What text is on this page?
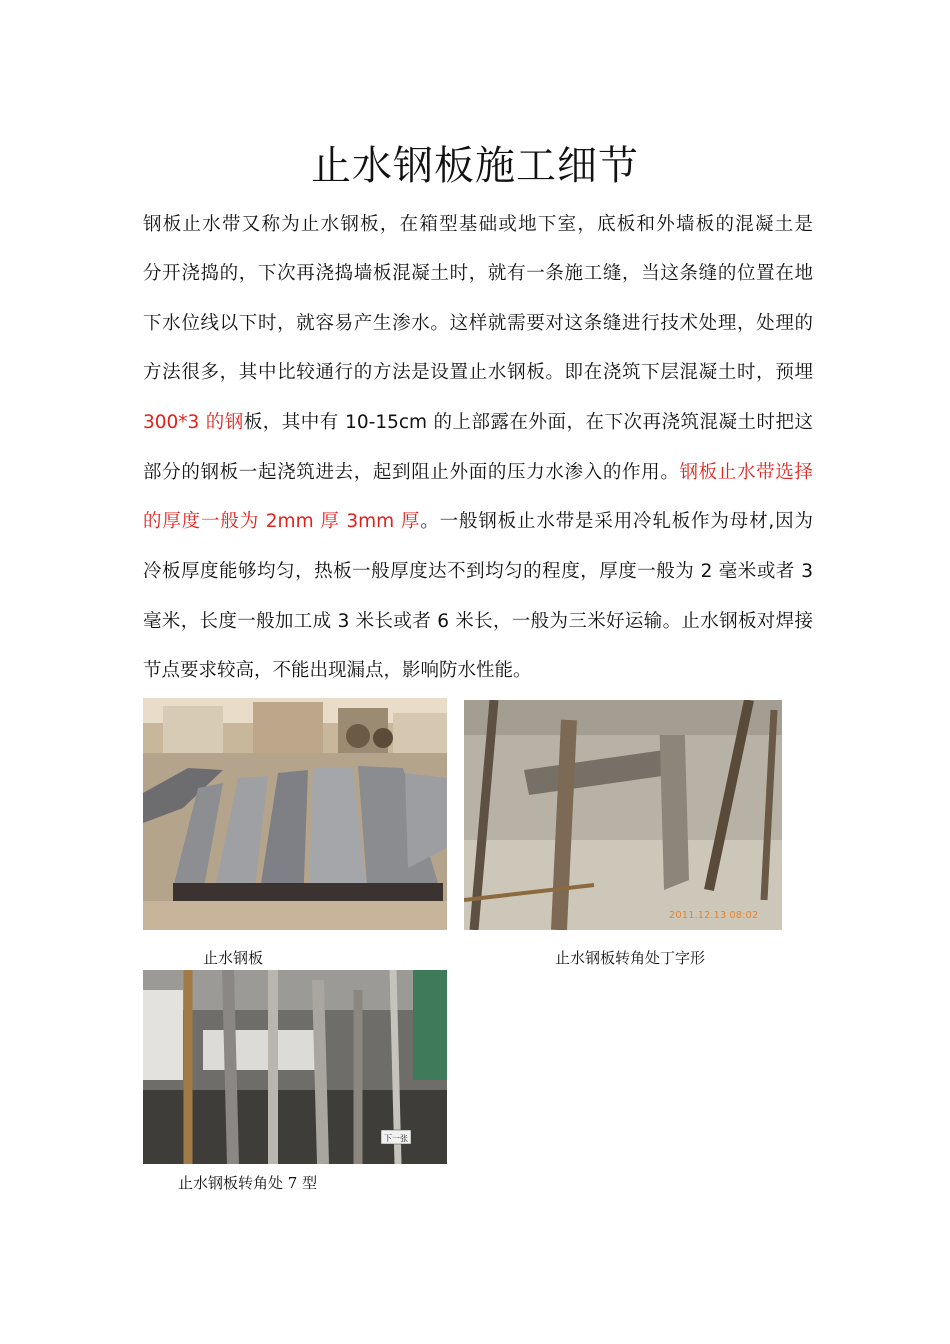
止水钢板施工细节
钢板止水带又称为止水钢板，在箱型基础或地下室，底板和外墙板的混凝土是
分开浇捣的，下次再浇捣墙板混凝土时，就有一条施工缝，当这条缝的位置在地
下水位线以下时，就容易产生渗水。这样就需要对这条缝进行技术处理，处理的
方法很多，其中比较通行的方法是设置止水钢板。即在浇筑下层混凝土时，预埋
300*3 的钢板，其中有 10-15cm 的上部露在外面，在下次再浇筑混凝土时把这
部分的钢板一起浇筑进去，起到阻止外面的压力水渗入的作用。钢板止水带选择
的厚度一般为 2mm 厚 3mm 厚。一般钢板止水带是采用冷轧板作为母材,因为
冷板厚度能够均匀，热板一般厚度达不到均匀的程度，厚度一般为 2 毫米或者 3
毫米，长度一般加工成 3 米长或者 6 米长，一般为三米好运输。止水钢板对焊接
节点要求较高，不能出现漏点，影响防水性能。
止水钢板
2011.12.13 08:02
止水钢板转角处丁字形
下一张
止水钢板转角处 7 型
